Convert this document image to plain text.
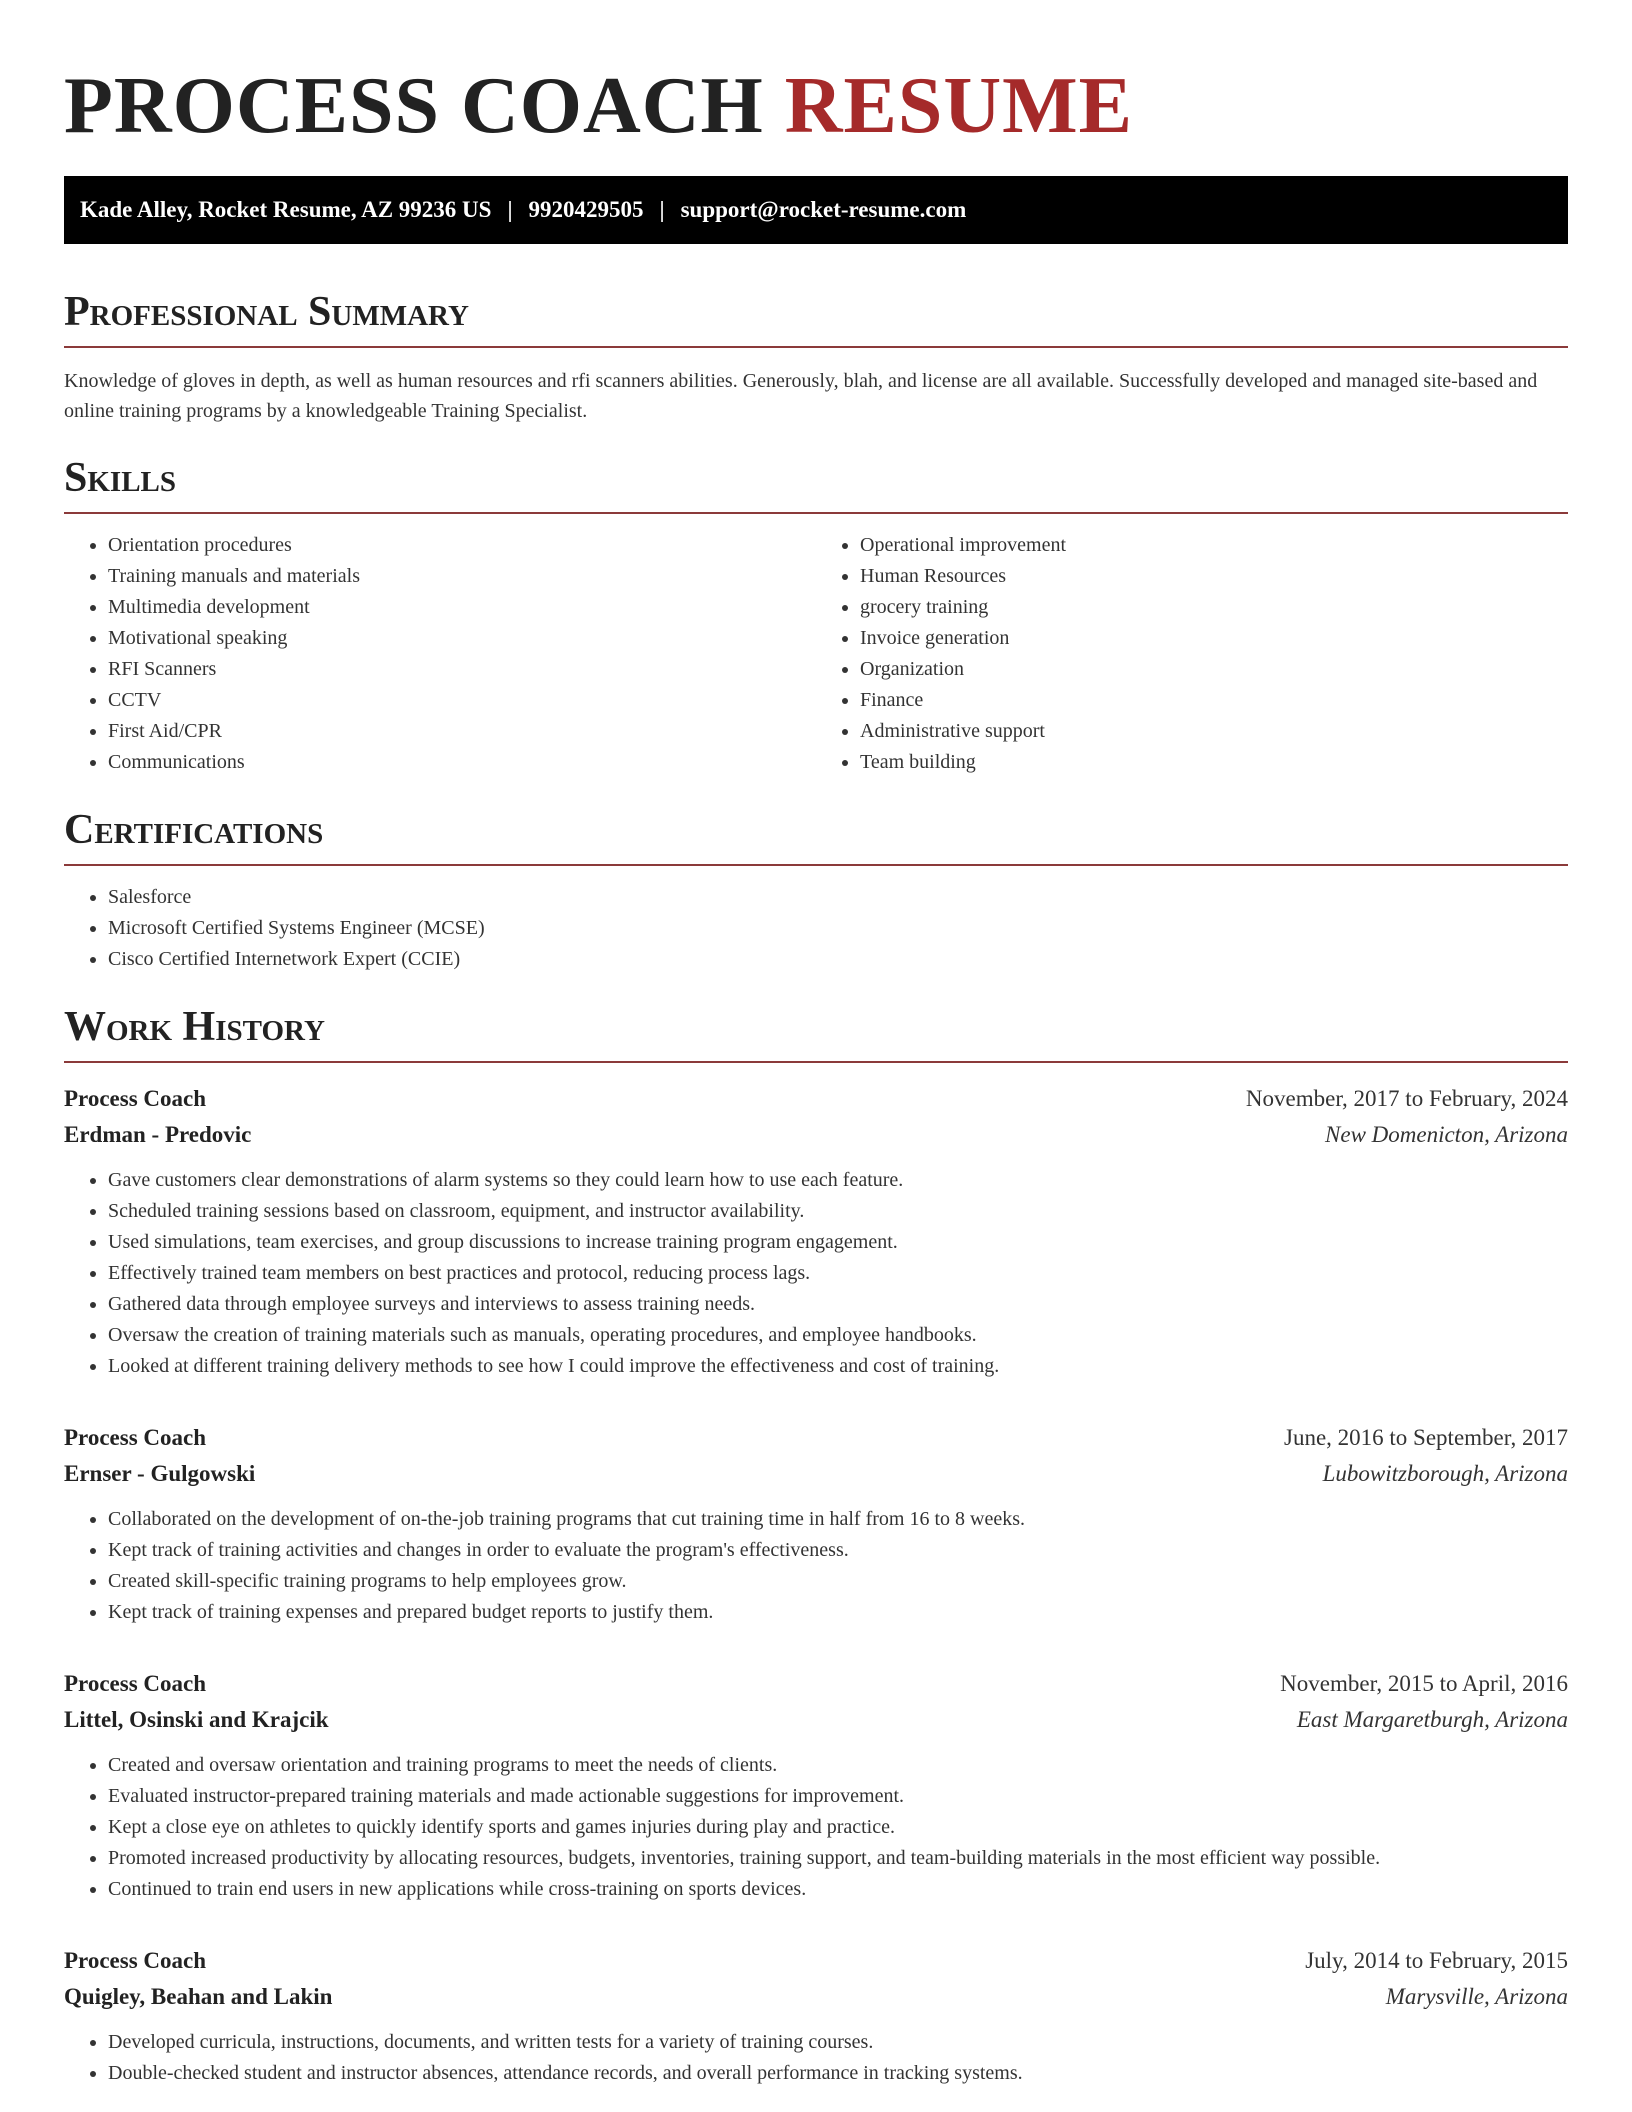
PROCESS COACH RESUME
Kade Alley, Rocket Resume, AZ 99236 US | 9920429505 | support@rocket-resume.com
Professional Summary

Knowledge of gloves in depth, as well as human resources and rfi scanners abilities. Generously, blah, and license are all available. Successfully developed and managed site-based and online training programs by a knowledgeable Training Specialist.

Skills
• Orientation procedures
• Training manuals and materials
• Multimedia development
• Motivational speaking
• RFI Scanners
• CCTV
• First Aid/CPR
• Communications
• Operational improvement
• Human Resources
• grocery training
• Invoice generation
• Organization
• Finance
• Administrative support
• Team building
Certifications
• Salesforce
• Microsoft Certified Systems Engineer (MCSE)
• Cisco Certified Internetwork Expert (CCIE)
Work History
Process Coach	November, 2017 to February, 2024
Erdman - Predovic	New Domenicton, Arizona
• Gave customers clear demonstrations of alarm systems so they could learn how to use each feature.
• Scheduled training sessions based on classroom, equipment, and instructor availability.
• Used simulations, team exercises, and group discussions to increase training program engagement.
• Effectively trained team members on best practices and protocol, reducing process lags.
• Gathered data through employee surveys and interviews to assess training needs.
• Oversaw the creation of training materials such as manuals, operating procedures, and employee handbooks.
• Looked at different training delivery methods to see how I could improve the effectiveness and cost of training.
Process Coach	June, 2016 to September, 2017
Ernser - Gulgowski	Lubowitzborough, Arizona
• Collaborated on the development of on-the-job training programs that cut training time in half from 16 to 8 weeks.
• Kept track of training activities and changes in order to evaluate the program's effectiveness.
• Created skill-specific training programs to help employees grow.
• Kept track of training expenses and prepared budget reports to justify them.
Process Coach	November, 2015 to April, 2016
Littel, Osinski and Krajcik	East Margaretburgh, Arizona
• Created and oversaw orientation and training programs to meet the needs of clients.
• Evaluated instructor-prepared training materials and made actionable suggestions for improvement.
• Kept a close eye on athletes to quickly identify sports and games injuries during play and practice.
• Promoted increased productivity by allocating resources, budgets, inventories, training support, and team-building materials in the most efficient way possible.
• Continued to train end users in new applications while cross-training on sports devices.
Process Coach	July, 2014 to February, 2015
Quigley, Beahan and Lakin	Marysville, Arizona
• Developed curricula, instructions, documents, and written tests for a variety of training courses.
• Double-checked student and instructor absences, attendance records, and overall performance in tracking systems.
